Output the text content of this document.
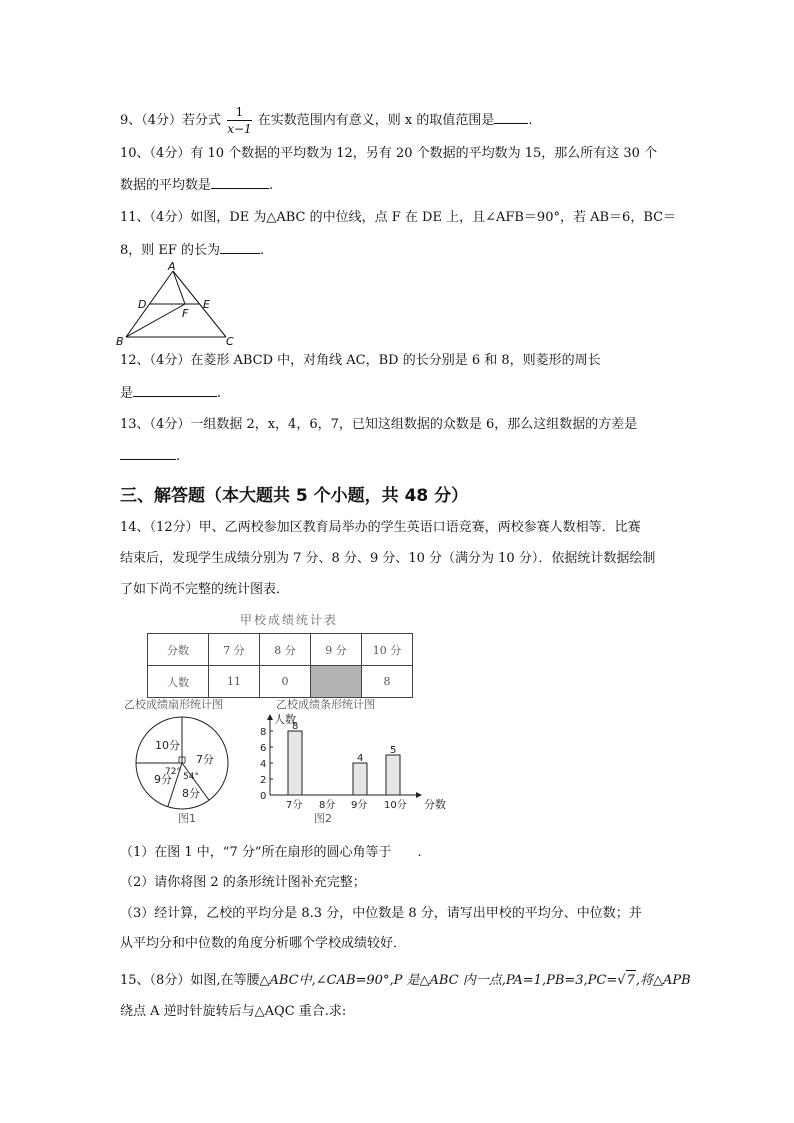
9、（4分）若分式 $\frac{1}{x-1}$ 在实数范围内有意义，则 x 的取值范围是	.
10、（4分）有 10 个数据的平均数为 12，另有 20 个数据的平均数为 15，那么所有这 30 个
数据的平均数是	.
11、（4分）如图，DE 为△ABC 的中位线，点 F 在 DE 上，且∠AFB＝90°，若 AB＝6，BC＝
8，则 EF 的长为	.
A
B	C
D	E
F
12、（4分）在菱形 ABCD 中，对角线 AC，BD 的长分别是 6 和 8，则菱形的周长
是	.
13、（4分）一组数据 2，x，4，6，7，已知这组数据的众数是 6，那么这组数据的方差是
.
三、解答题（本大题共 5 个小题，共 48 分）
14、（12分）甲、乙两校参加区教育局举办的学生英语口语竞赛，两校参赛人数相等．比赛
结束后，发现学生成绩分别为 7 分、8 分、9 分、10 分（满分为 10 分）．依据统计数据绘制
了如下尚不完整的统计图表．
甲校成绩统计表
分数	7 分	8 分	9 分	10 分
人数	11	0		8
乙校成绩扇形统计图
10分
7分
8分
9分
72° 54°
图1
乙校成绩条形统计图
人数
分数
0
2
4
6
8
7分
8
8分 9分
4
10分
5
图2
（1）在图 1 中，“7 分”所在扇形的圆心角等于 .
（2）请你将图 2 的条形统计图补充完整；
（3）经计算，乙校的平均分是 8.3 分，中位数是 8 分，请写出甲校的平均分、中位数；并
从平均分和中位数的角度分析哪个学校成绩较好．
15、（8分）如图,在等腰△ABC中,∠CAB=90°,P 是△ABC 内一点,PA=1,PB=3,PC=√7,将△APB
绕点 A 逆时针旋转后与△AQC 重合.求:
